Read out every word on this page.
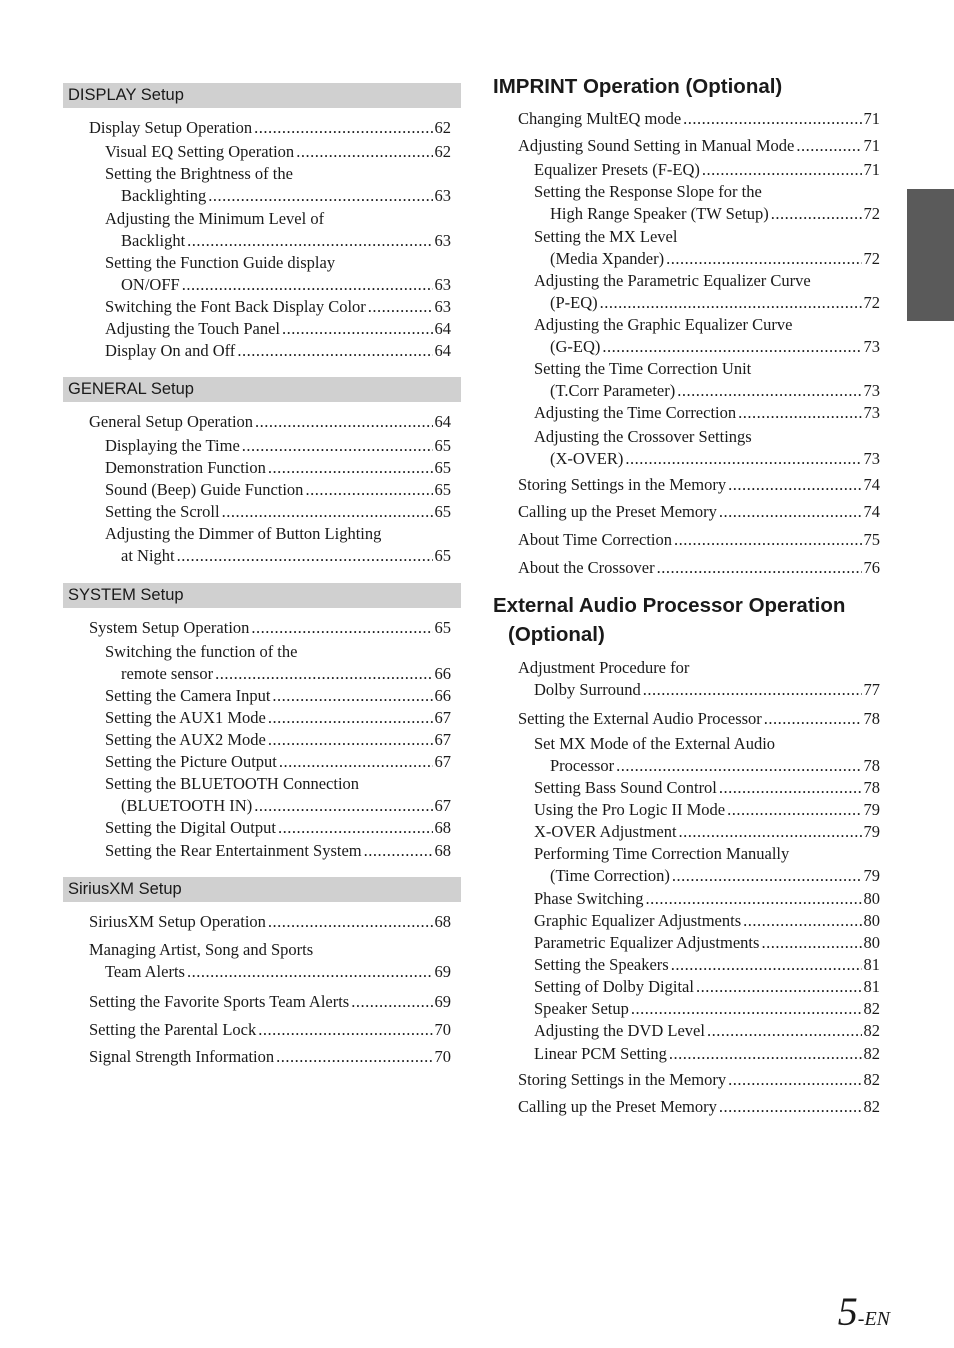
DISPLAY Setup
Display Setup Operation .....	62
Visual EQ Setting Operation .....	62
Setting the Brightness of the
Backlighting .....	63
Adjusting the Minimum Level of
Backlight .....	63
Setting the Function Guide display
ON/OFF .....	63
Switching the Font Back Display Color .....	63
Adjusting the Touch Panel .....	64
Display On and Off .....	64
GENERAL Setup
General Setup Operation .....	64
Displaying the Time .....	65
Demonstration Function .....	65
Sound (Beep) Guide Function .....	65
Setting the Scroll .....	65
Adjusting the Dimmer of Button Lighting
at Night .....	65
SYSTEM Setup
System Setup Operation .....	65
Switching the function of the
remote sensor .....	66
Setting the Camera Input .....	66
Setting the AUX1 Mode .....	67
Setting the AUX2 Mode .....	67
Setting the Picture Output .....	67
Setting the BLUETOOTH Connection
(BLUETOOTH IN) .....	67
Setting the Digital Output .....	68
Setting the Rear Entertainment System .....	68
SiriusXM Setup
SiriusXM Setup Operation .....	68
Managing Artist, Song and Sports
Team Alerts .....	69
Setting the Favorite Sports Team Alerts .....	69
Setting the Parental Lock .....	70
Signal Strength Information .....	70
IMPRINT Operation (Optional)
Changing MultEQ mode .....	71
Adjusting Sound Setting in Manual Mode .....	71
Equalizer Presets (F-EQ) .....	71
Setting the Response Slope for the
High Range Speaker (TW Setup) .....	72
Setting the MX Level
(Media Xpander) .....	72
Adjusting the Parametric Equalizer Curve
(P-EQ) .....	72
Adjusting the Graphic Equalizer Curve
(G-EQ) .....	73
Setting the Time Correction Unit
(T.Corr Parameter) .....	73
Adjusting the Time Correction .....	73
Adjusting the Crossover Settings
(X-OVER) .....	73
Storing Settings in the Memory .....	74
Calling up the Preset Memory .....	74
About Time Correction .....	75
About the Crossover .....	76
External Audio Processor Operation
(Optional)
Adjustment Procedure for
Dolby Surround .....	77
Setting the External Audio Processor .....	78
Set MX Mode of the External Audio
Processor .....	78
Setting Bass Sound Control .....	78
Using the Pro Logic II Mode .....	79
X-OVER Adjustment .....	79
Performing Time Correction Manually
(Time Correction) .....	79
Phase Switching .....	80
Graphic Equalizer Adjustments .....	80
Parametric Equalizer Adjustments .....	80
Setting the Speakers .....	81
Setting of Dolby Digital .....	81
Speaker Setup .....	82
Adjusting the DVD Level .....	82
Linear PCM Setting .....	82
Storing Settings in the Memory .....	82
Calling up the Preset Memory .....	82
5-EN
